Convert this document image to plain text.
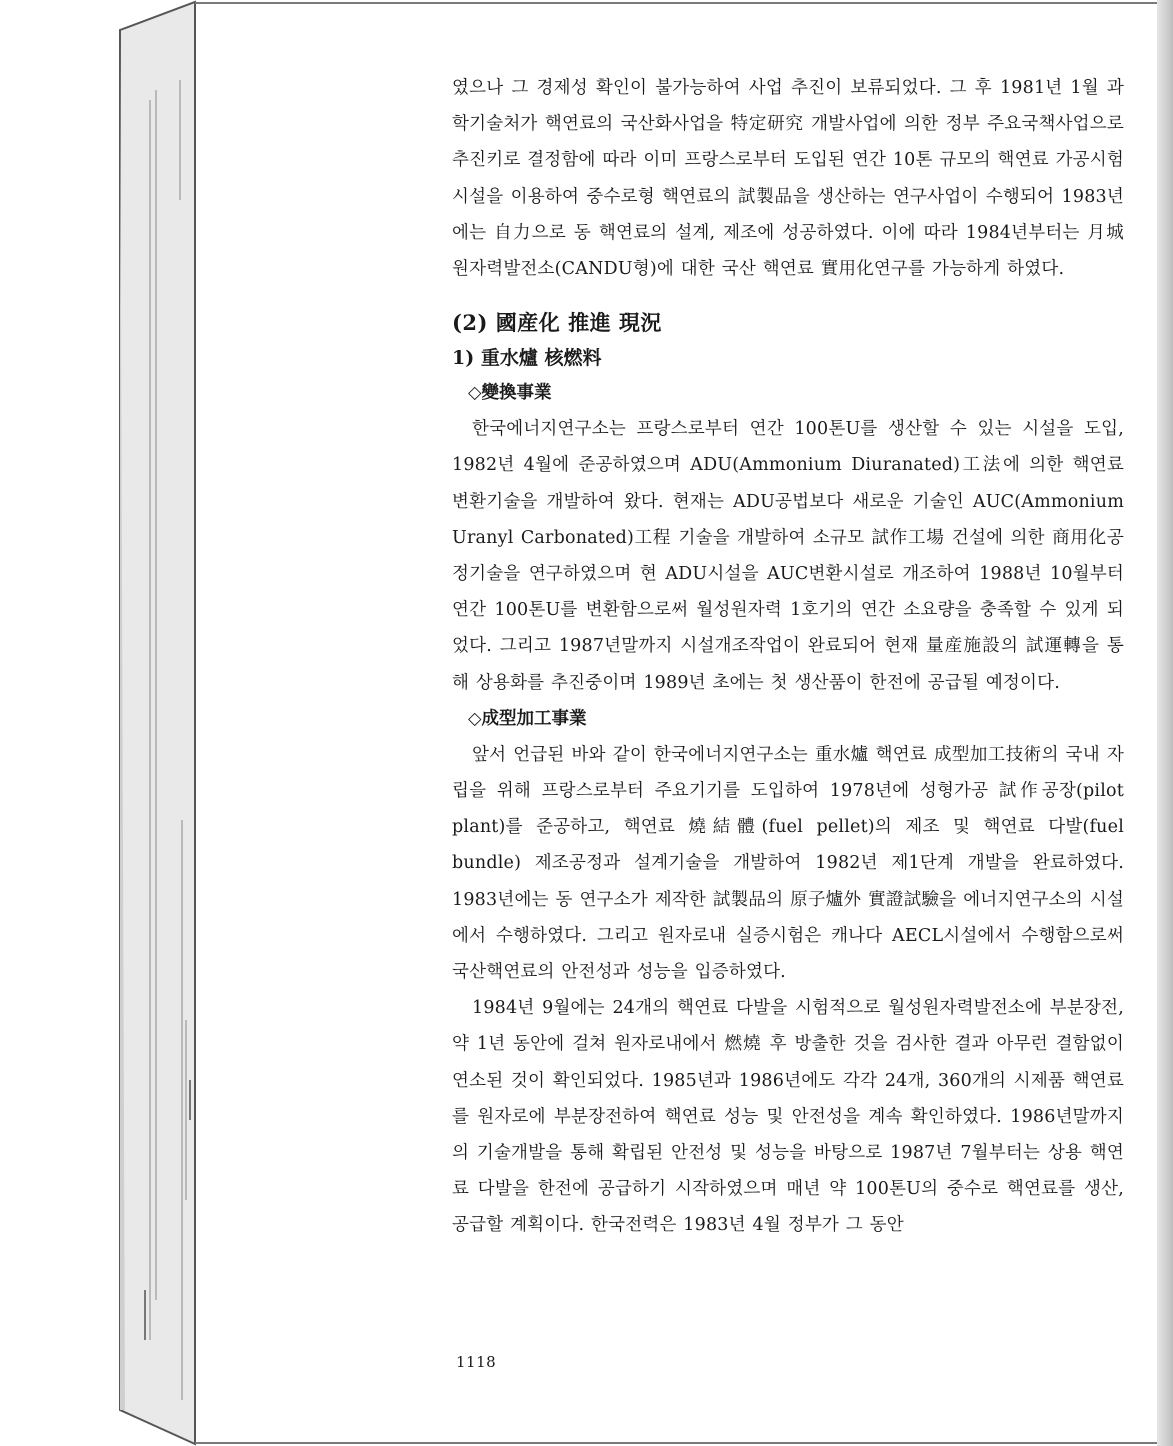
였으나 그 경제성 확인이 불가능하여 사업 추진이 보류되었다. 그 후 1981년 1월 과학기술처가 핵연료의 국산화사업을 特定研究 개발사업에 의한 정부 주요국책사업으로 추진키로 결정함에 따라 이미 프랑스로부터 도입된 연간 10톤 규모의 핵연료 가공시험 시설을 이용하여 중수로형 핵연료의 試製品을 생산하는 연구사업이 수행되어 1983년에는 自力으로 동 핵연료의 설계, 제조에 성공하였다. 이에 따라 1984년부터는 月城원자력발전소(CANDU형)에 대한 국산 핵연료 實用化연구를 가능하게 하였다.

(2) 國産化 推進 現況
1) 重水爐 核燃料
◇變換事業

한국에너지연구소는 프랑스로부터 연간 100톤U를 생산할 수 있는 시설을 도입, 1982년 4월에 준공하였으며 ADU(Ammonium Diuranated)工法에 의한 핵연료 변환기술을 개발하여 왔다. 현재는 ADU공법보다 새로운 기술인 AUC(Ammonium Uranyl Carbonated)工程 기술을 개발하여 소규모 試作工場 건설에 의한 商用化공정기술을 연구하였으며 현 ADU시설을 AUC변환시설로 개조하여 1988년 10월부터 연간 100톤U를 변환함으로써 월성원자력 1호기의 연간 소요량을 충족할 수 있게 되었다. 그리고 1987년말까지 시설개조작업이 완료되어 현재 量産施設의 試運轉을 통해 상용화를 추진중이며 1989년 초에는 첫 생산품이 한전에 공급될 예정이다.

◇成型加工事業

앞서 언급된 바와 같이 한국에너지연구소는 重水爐 핵연료 成型加工技術의 국내 자립을 위해 프랑스로부터 주요기기를 도입하여 1978년에 성형가공 試作공장(pilot plant)를 준공하고, 핵연료 燒結體(fuel pellet)의 제조 및 핵연료 다발(fuel bundle) 제조공정과 설계기술을 개발하여 1982년 제1단계 개발을 완료하였다. 1983년에는 동 연구소가 제작한 試製品의 原子爐外 實證試驗을 에너지연구소의 시설에서 수행하였다. 그리고 원자로내 실증시험은 캐나다 AECL시설에서 수행함으로써 국산핵연료의 안전성과 성능을 입증하였다.

1984년 9월에는 24개의 핵연료 다발을 시험적으로 월성원자력발전소에 부분장전, 약 1년 동안에 걸쳐 원자로내에서 燃燒 후 방출한 것을 검사한 결과 아무런 결함없이 연소된 것이 확인되었다. 1985년과 1986년에도 각각 24개, 360개의 시제품 핵연료를 원자로에 부분장전하여 핵연료 성능 및 안전성을 계속 확인하였다. 1986년말까지의 기술개발을 통해 확립된 안전성 및 성능을 바탕으로 1987년 7월부터는 상용 핵연료 다발을 한전에 공급하기 시작하였으며 매년 약 100톤U의 중수로 핵연료를 생산, 공급할 계획이다. 한국전력은 1983년 4월 정부가 그 동안

1118
